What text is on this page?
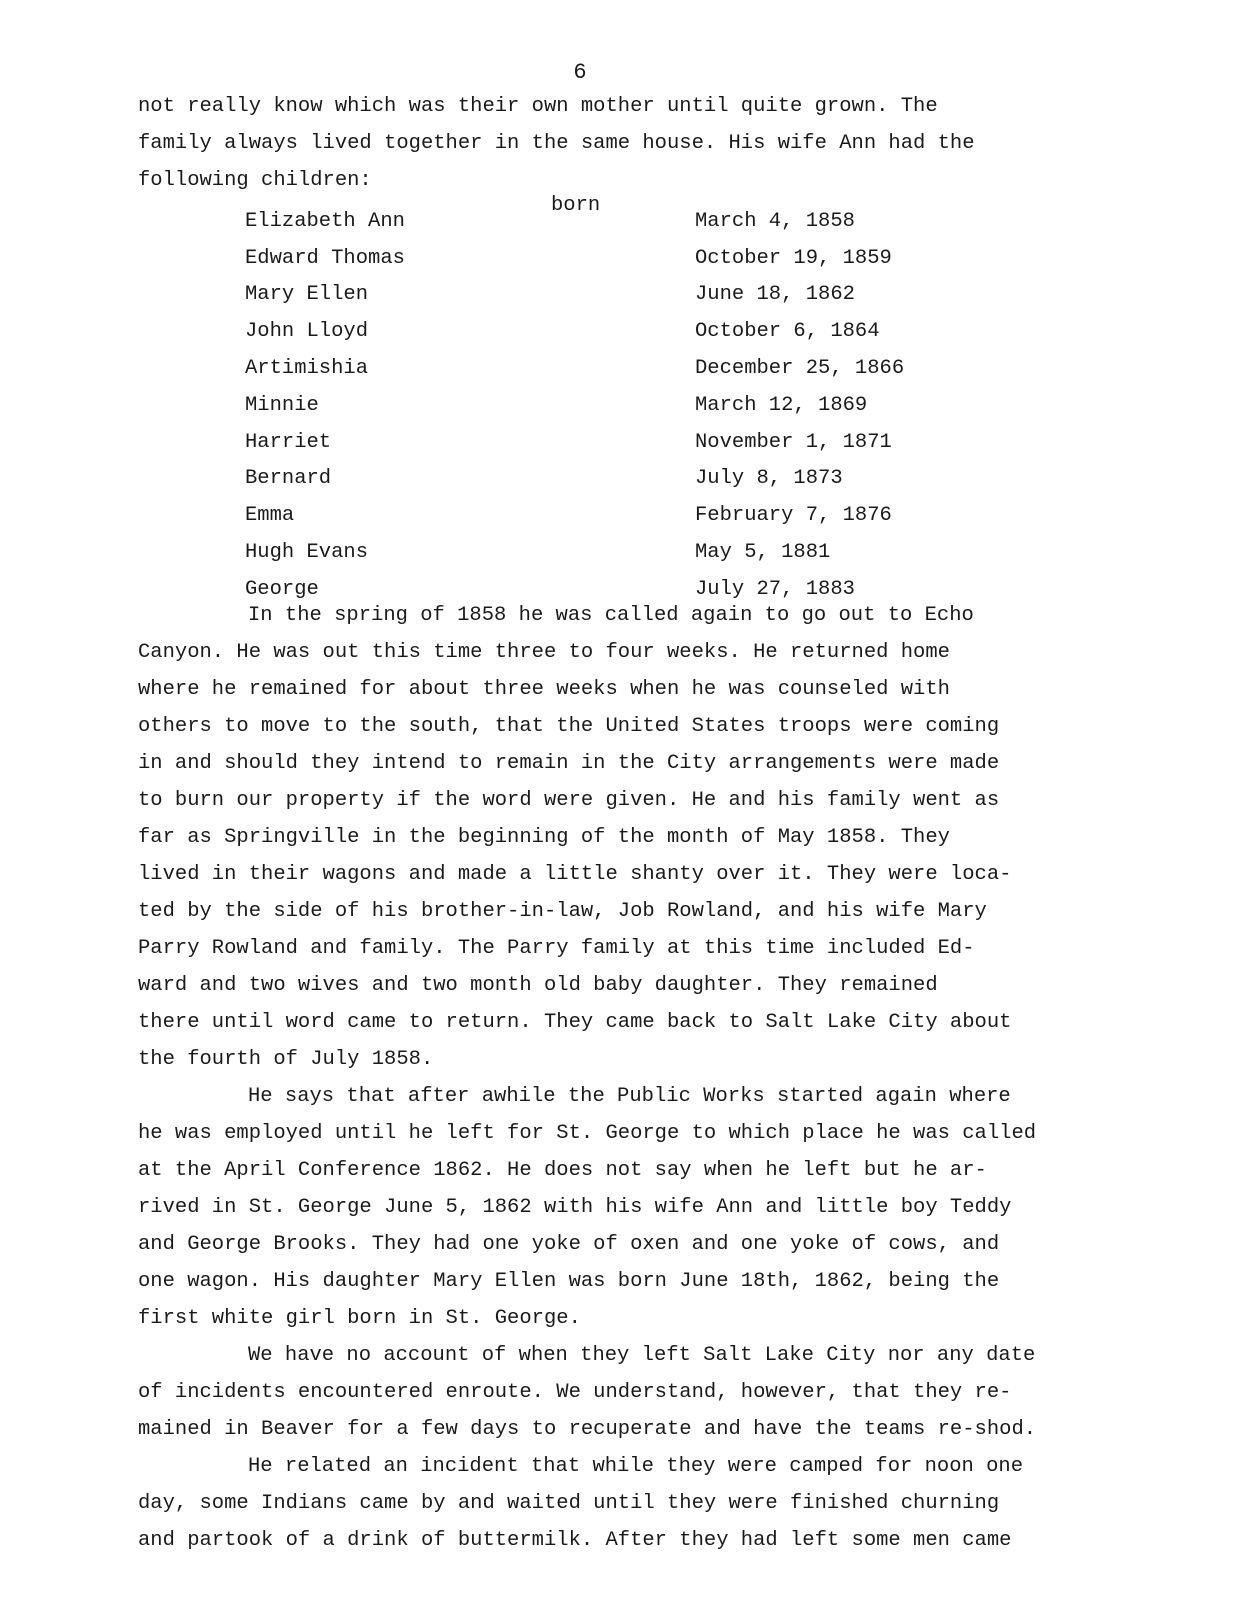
6
not really know which was their own mother until quite grown. The
family always lived together in the same house. His wife Ann had the
following children:
born
Elizabeth Ann	March 4, 1858
Edward Thomas	October 19, 1859
Mary Ellen	June 18, 1862
John Lloyd	October 6, 1864
Artimishia	December 25, 1866
Minnie	March 12, 1869
Harriet	November 1, 1871
Bernard	July 8, 1873
Emma	February 7, 1876
Hugh Evans	May 5, 1881
George	July 27, 1883
In the spring of 1858 he was called again to go out to Echo
Canyon. He was out this time three to four weeks. He returned home
where he remained for about three weeks when he was counseled with
others to move to the south, that the United States troops were coming
in and should they intend to remain in the City arrangements were made
to burn our property if the word were given. He and his family went as
far as Springville in the beginning of the month of May 1858. They
lived in their wagons and made a little shanty over it. They were loca-
ted by the side of his brother-in-law, Job Rowland, and his wife Mary
Parry Rowland and family. The Parry family at this time included Ed-
ward and two wives and two month old baby daughter. They remained
there until word came to return. They came back to Salt Lake City about
the fourth of July 1858.
He says that after awhile the Public Works started again where
he was employed until he left for St. George to which place he was called
at the April Conference 1862. He does not say when he left but he ar-
rived in St. George June 5, 1862 with his wife Ann and little boy Teddy
and George Brooks. They had one yoke of oxen and one yoke of cows, and
one wagon. His daughter Mary Ellen was born June 18th, 1862, being the
first white girl born in St. George.
We have no account of when they left Salt Lake City nor any date
of incidents encountered enroute. We understand, however, that they re-
mained in Beaver for a few days to recuperate and have the teams re-shod.
He related an incident that while they were camped for noon one
day, some Indians came by and waited until they were finished churning
and partook of a drink of buttermilk. After they had left some men came
